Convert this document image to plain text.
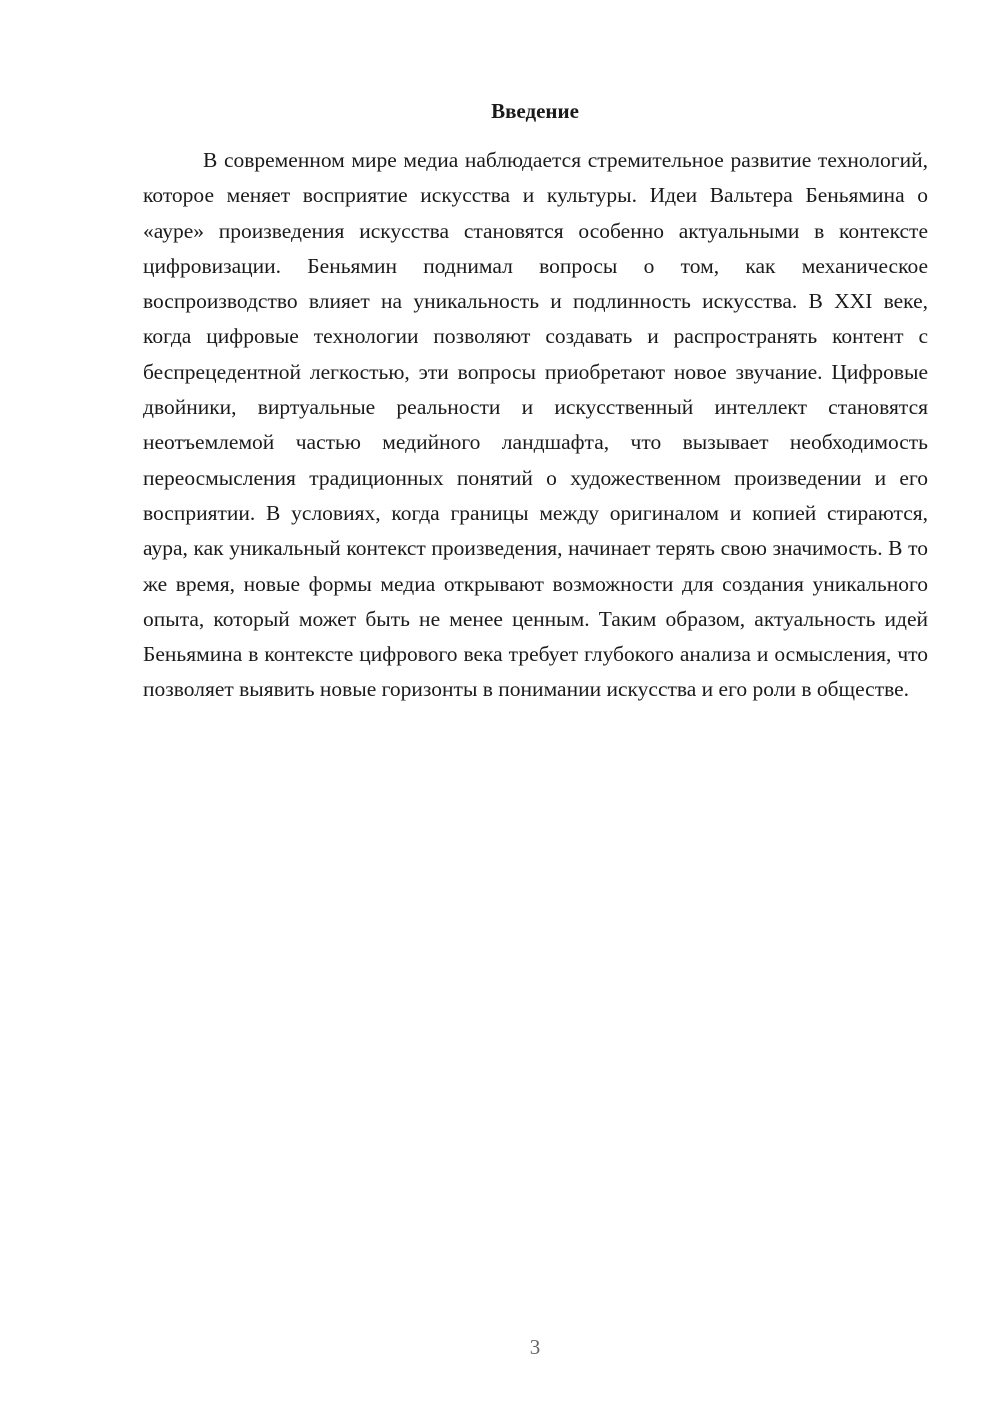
Введение

В современном мире медиа наблюдается стремительное развитие технологий, которое меняет восприятие искусства и культуры. Идеи Вальтера Беньямина о «ауре» произведения искусства становятся особенно актуальными в контексте цифровизации. Беньямин поднимал вопросы о том, как механическое воспроизводство влияет на уникальность и подлинность искусства. В XXI веке, когда цифровые технологии позволяют создавать и распространять контент с беспрецедентной легкостью, эти вопросы приобретают новое звучание. Цифровые двойники, виртуальные реальности и искусственный интеллект становятся неотъемлемой частью медийного ландшафта, что вызывает необходимость переосмысления традиционных понятий о художественном произведении и его восприятии. В условиях, когда границы между оригиналом и копией стираются, аура, как уникальный контекст произведения, начинает терять свою значимость. В то же время, новые формы медиа открывают возможности для создания уникального опыта, который может быть не менее ценным. Таким образом, актуальность идей Беньямина в контексте цифрового века требует глубокого анализа и осмысления, что позволяет выявить новые горизонты в понимании искусства и его роли в обществе.

3
